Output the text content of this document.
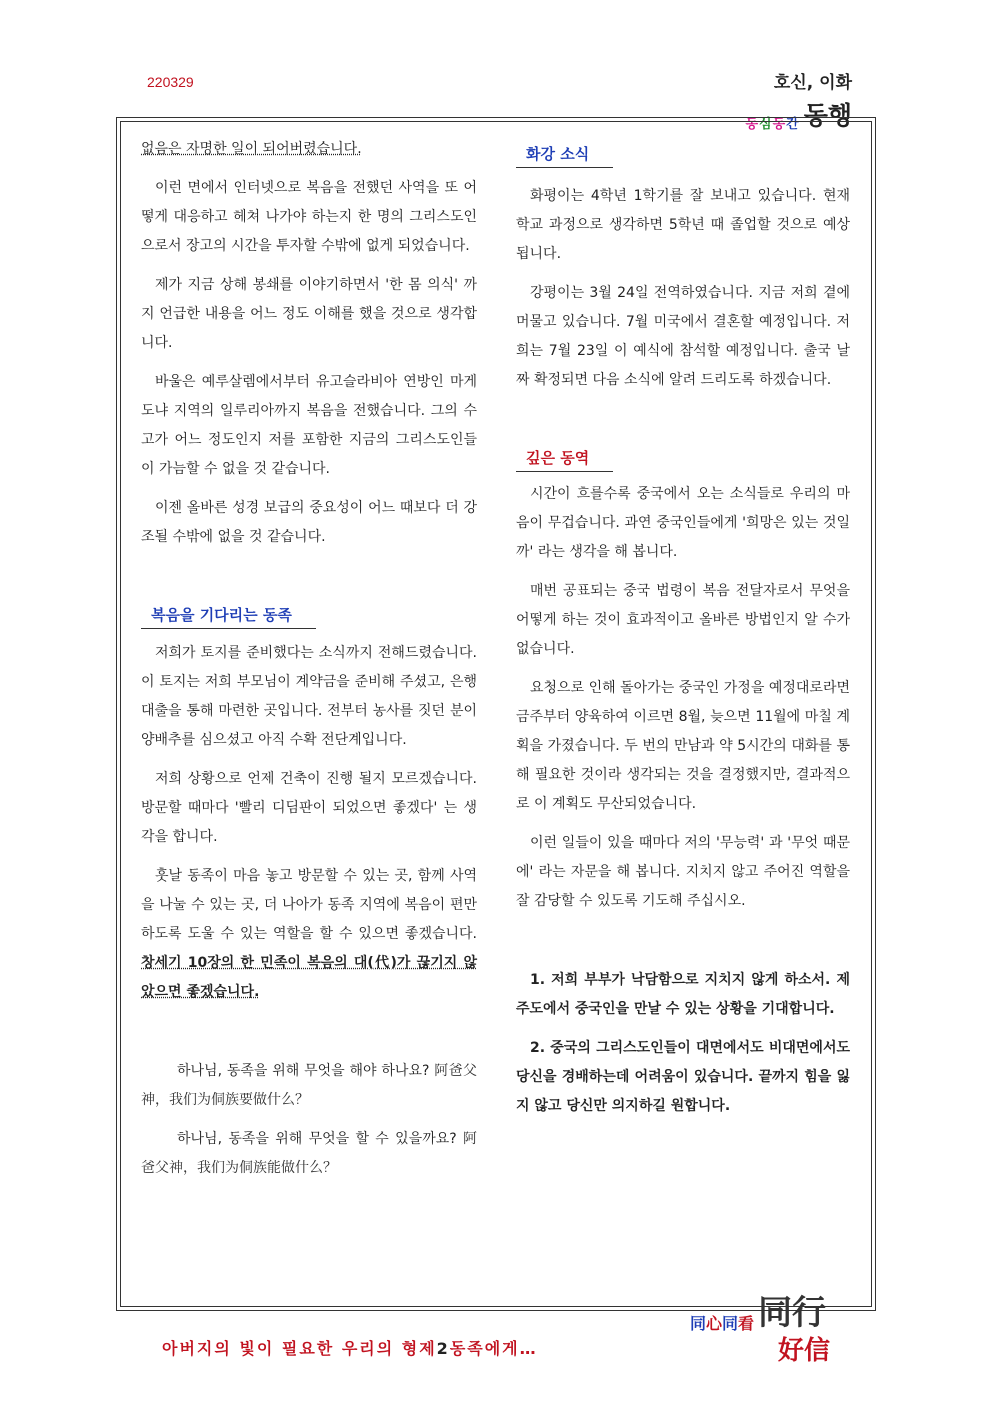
220329	호신, 이화
동 심 동 간 동행

없음은 자명한 일이 되어버렸습니다.

이런 면에서 인터넷으로 복음을 전했던 사역을 또 어떻게 대응하고 헤쳐 나가야 하는지 한 명의 그리스도인으로서 장고의 시간을 투자할 수밖에 없게 되었습니다.

제가 지금 상해 봉쇄를 이야기하면서 '한 몸 의식' 까지 언급한 내용을 어느 정도 이해를 했을 것으로 생각합니다.

바울은 예루살렘에서부터 유고슬라비아 연방인 마게도냐 지역의 일루리아까지 복음을 전했습니다. 그의 수고가 어느 정도인지 저를 포함한 지금의 그리스도인들이 가늠할 수 없을 것 같습니다.

이젠 올바른 성경 보급의 중요성이 어느 때보다 더 강조될 수밖에 없을 것 같습니다.

복음을 기다리는 동족

저희가 토지를 준비했다는 소식까지 전해드렸습니다. 이 토지는 저희 부모님이 계약금을 준비해 주셨고, 은행 대출을 통해 마련한 곳입니다. 전부터 농사를 짓던 분이 양배추를 심으셨고 아직 수확 전단계입니다.

저희 상황으로 언제 건축이 진행 될지 모르겠습니다. 방문할 때마다 '빨리 디딤판이 되었으면 좋겠다' 는 생각을 합니다.

훗날 동족이 마음 놓고 방문할 수 있는 곳, 함께 사역을 나눌 수 있는 곳, 더 나아가 동족 지역에 복음이 편만하도록 도울 수 있는 역할을 할 수 있으면 좋겠습니다. 창세기 10장의 한 민족이 복음의 대(代)가 끊기지 않았으면 좋겠습니다.

하나님, 동족을 위해 무엇을 해야 하나요? 阿爸父神，我们为侗族要做什么？

하나님, 동족을 위해 무엇을 할 수 있을까요? 阿爸父神，我们为侗族能做什么？

화강 소식

화평이는 4학년 1학기를 잘 보내고 있습니다. 현재 학교 과정으로 생각하면 5학년 때 졸업할 것으로 예상됩니다.

강평이는 3월 24일 전역하였습니다. 지금 저희 곁에 머물고 있습니다. 7월 미국에서 결혼할 예정입니다. 저희는 7월 23일 이 예식에 참석할 예정입니다. 출국 날짜 확정되면 다음 소식에 알려 드리도록 하겠습니다.

깊은 동역

시간이 흐를수록 중국에서 오는 소식들로 우리의 마음이 무겁습니다. 과연 중국인들에게 '희망은 있는 것일까' 라는 생각을 해 봅니다.

매번 공표되는 중국 법령이 복음 전달자로서 무엇을 어떻게 하는 것이 효과적이고 올바른 방법인지 알 수가 없습니다.

요청으로 인해 돌아가는 중국인 가정을 예정대로라면 금주부터 양육하여 이르면 8월, 늦으면 11월에 마칠 계획을 가졌습니다. 두 번의 만남과 약 5시간의 대화를 통해 필요한 것이라 생각되는 것을 결정했지만, 결과적으로 이 계획도 무산되었습니다.

이런 일들이 있을 때마다 저의 '무능력' 과 '무엇 때문에' 라는 자문을 해 봅니다. 지치지 않고 주어진 역할을 잘 감당할 수 있도록 기도해 주십시오.

1. 저희 부부가 낙담함으로 지치지 않게 하소서. 제주도에서 중국인을 만날 수 있는 상황을 기대합니다.

2. 중국의 그리스도인들이 대면에서도 비대면에서도 당신을 경배하는데 어려움이 있습니다. 끝까지 힘을 잃지 않고 당신만 의지하길 원합니다.

아버지의 빛이 필요한 우리의 형제2동족에게…
同 心 同 看 同行
好信
